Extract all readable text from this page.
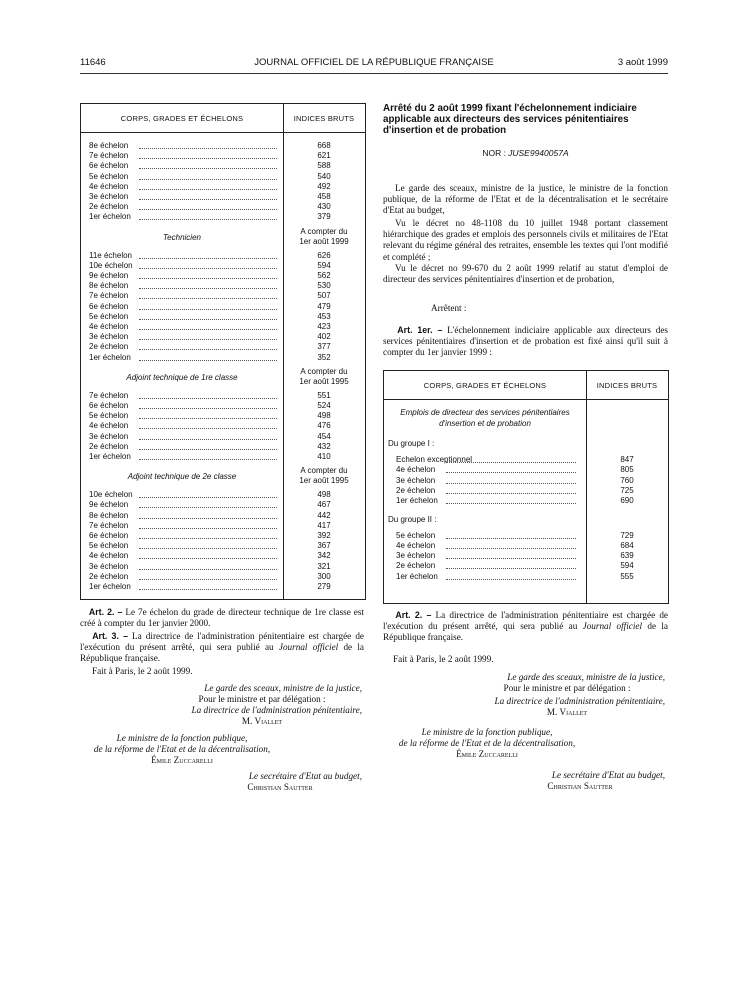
11646	JOURNAL OFFICIEL DE LA RÉPUBLIQUE FRANÇAISE	3 août 1999
CORPS, GRADES ET ÉCHELONS	INDICES BRUTS
8e échelon	668
7e échelon	621
6e échelon	588
5e échelon	540
4e échelon	492
3e échelon	458
2e échelon	430
1er échelon	379
Technicien
A compter du 1er août 1999
11e échelon	626
10e échelon	594
9e échelon	562
8e échelon	530
7e échelon	507
6e échelon	479
5e échelon	453
4e échelon	423
3e échelon	402
2e échelon	377
1er échelon	352
Adjoint technique de 1re classe
A compter du 1er août 1995
7e échelon	551
6e échelon	524
5e échelon	498
4e échelon	476
3e échelon	454
2e échelon	432
1er échelon	410
Adjoint technique de 2e classe
A compter du 1er août 1995
10e échelon	498
9e échelon	467
8e échelon	442
7e échelon	417
6e échelon	392
5e échelon	367
4e échelon	342
3e échelon	321
2e échelon	300
1er échelon	279
Art. 2. – Le 7e échelon du grade de directeur technique de 1re classe est créé à compter du 1er janvier 2000.
Art. 3. – La directrice de l'administration pénitentiaire est chargée de l'exécution du présent arrêté, qui sera publié au Journal officiel de la République française.
Fait à Paris, le 2 août 1999.
Le garde des sceaux, ministre de la justice,
Pour le ministre et par délégation :
La directrice de l'administration pénitentiaire,
M. Viallet
Le ministre de la fonction publique,
de la réforme de l'Etat et de la décentralisation,
Émile Zuccarelli
Le secrétaire d'Etat au budget,
Christian Sautter
Arrêté du 2 août 1999 fixant l'échelonnement indiciaire applicable aux directeurs des services pénitentiaires d'insertion et de probation
NOR : JUSE9940057A
Le garde des sceaux, ministre de la justice, le ministre de la fonction publique, de la réforme de l'Etat et de la décentralisation et le secrétaire d'Etat au budget,
Vu le décret no 48-1108 du 10 juillet 1948 portant classement hiérarchique des grades et emplois des personnels civils et militaires de l'Etat relevant du régime général des retraites, ensemble les textes qui l'ont modifié et complété ;
Vu le décret no 99-670 du 2 août 1999 relatif au statut d'emploi de directeur des services pénitentiaires d'insertion et de probation,
Arrêtent :
Art. 1er. – L'échelonnement indiciaire applicable aux directeurs des services pénitentiaires d'insertion et de probation est fixé ainsi qu'il suit à compter du 1er janvier 1999 :
CORPS, GRADES ET ÉCHELONS	INDICES BRUTS
Emplois de directeur des services pénitentiaires d'insertion et de probation
Du groupe I :
Echelon exceptionnel	847
4e échelon	805
3e échelon	760
2e échelon	725
1er échelon	690
Du groupe II :
5e échelon	729
4e échelon	684
3e échelon	639
2e échelon	594
1er échelon	555
Art. 2. – La directrice de l'administration pénitentiaire est chargée de l'exécution du présent arrêté, qui sera publié au Journal officiel de la République française.
Fait à Paris, le 2 août 1999.
Le garde des sceaux, ministre de la justice,
Pour le ministre et par délégation :
La directrice de l'administration pénitentiaire,
M. Viallet
Le ministre de la fonction publique,
de la réforme de l'Etat et de la décentralisation,
Émile Zuccarelli
Le secrétaire d'Etat au budget,
Christian Sautter
